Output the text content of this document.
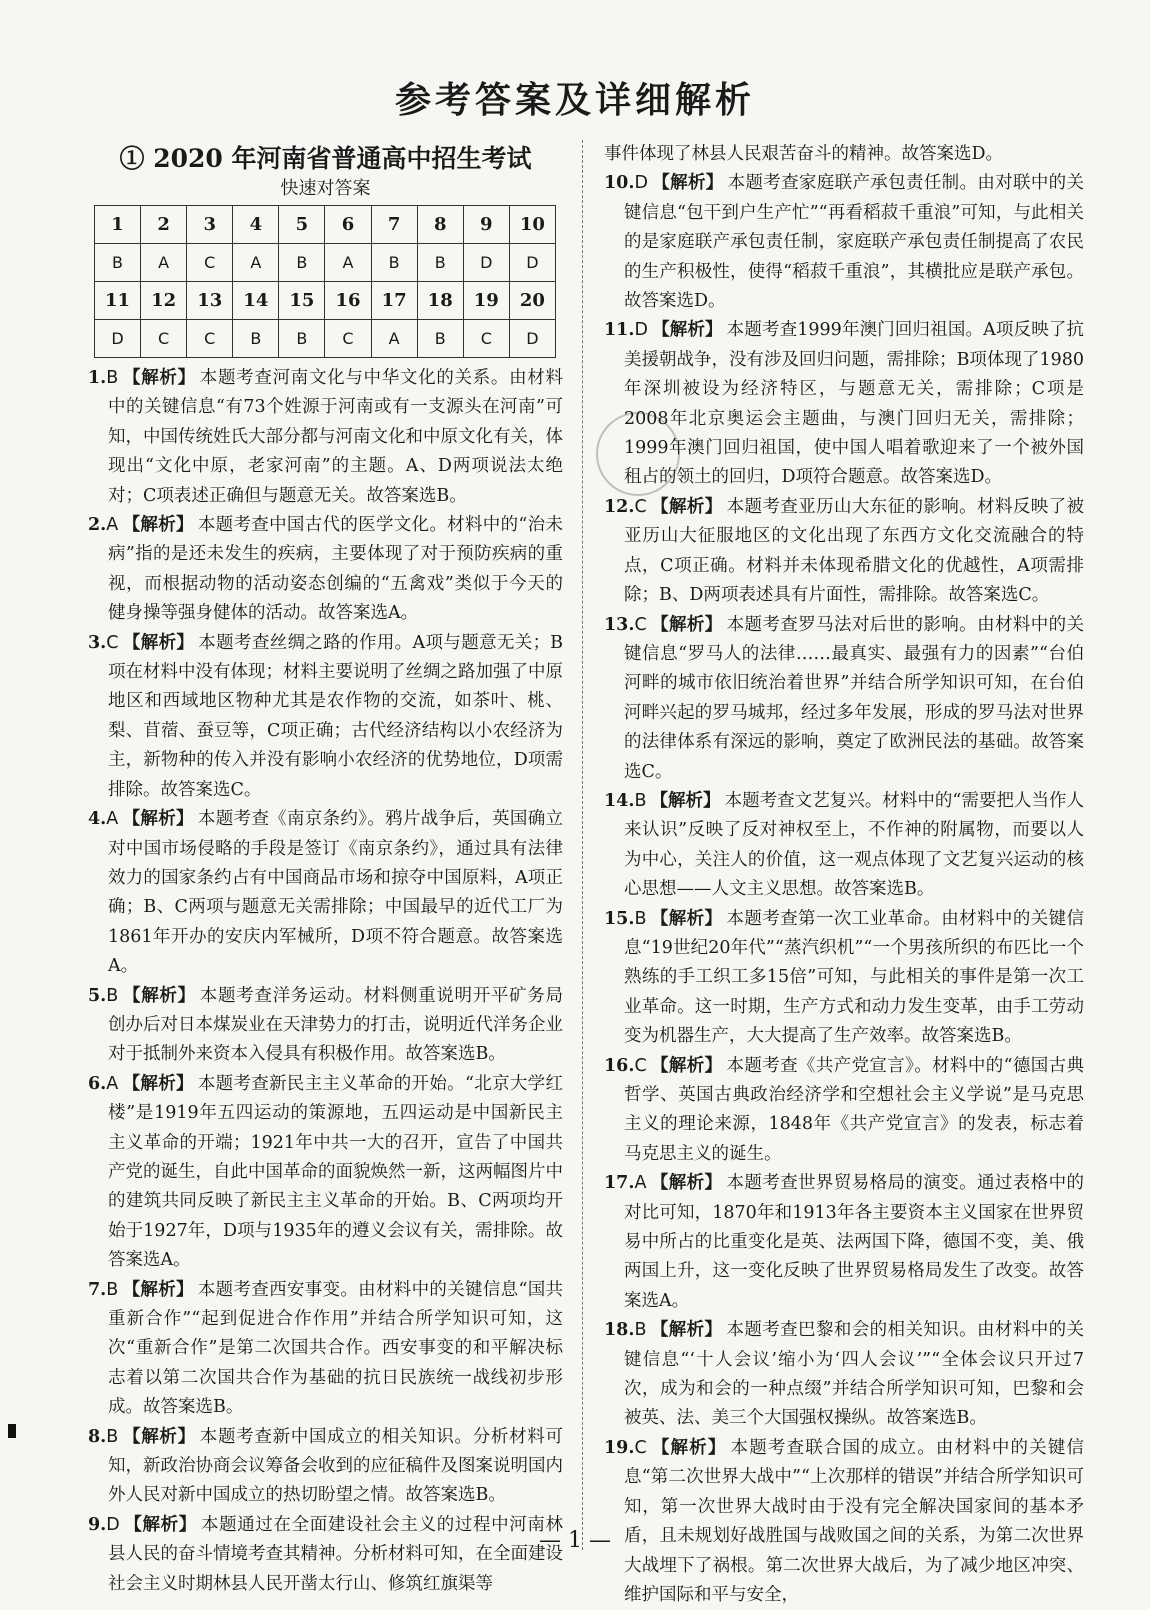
参考答案及详细解析
① 2020 年河南省普通高中招生考试
快速对答案
1	2	3	4	5	6	7	8	9	10
B	A	C	A	B	A	B	B	D	D
11	12	13	14	15	16	17	18	19	20
D	C	C	B	B	C	A	B	C	D
1.B 【解析】 本题考查河南文化与中华文化的关系。由材料中的关键信息“有73个姓源于河南或有一支源头在河南”可知，中国传统姓氏大部分都与河南文化和中原文化有关，体现出“文化中原，老家河南”的主题。A、D两项说法太绝对；C项表述正确但与题意无关。故答案选B。
2.A 【解析】 本题考查中国古代的医学文化。材料中的“治未病”指的是还未发生的疾病，主要体现了对于预防疾病的重视，而根据动物的活动姿态创编的“五禽戏”类似于今天的健身操等强身健体的活动。故答案选A。
3.C 【解析】 本题考查丝绸之路的作用。A项与题意无关；B项在材料中没有体现；材料主要说明了丝绸之路加强了中原地区和西域地区物种尤其是农作物的交流，如茶叶、桃、梨、苜蓿、蚕豆等，C项正确；古代经济结构以小农经济为主，新物种的传入并没有影响小农经济的优势地位，D项需排除。故答案选C。
4.A 【解析】 本题考查《南京条约》。鸦片战争后，英国确立对中国市场侵略的手段是签订《南京条约》，通过具有法律效力的国家条约占有中国商品市场和掠夺中国原料，A项正确；B、C两项与题意无关需排除；中国最早的近代工厂为1861年开办的安庆内军械所，D项不符合题意。故答案选A。
5.B 【解析】 本题考查洋务运动。材料侧重说明开平矿务局创办后对日本煤炭业在天津势力的打击，说明近代洋务企业对于抵制外来资本入侵具有积极作用。故答案选B。
6.A 【解析】 本题考查新民主主义革命的开始。“北京大学红楼”是1919年五四运动的策源地，五四运动是中国新民主主义革命的开端；1921年中共一大的召开，宣告了中国共产党的诞生，自此中国革命的面貌焕然一新，这两幅图片中的建筑共同反映了新民主主义革命的开始。B、C两项均开始于1927年，D项与1935年的遵义会议有关，需排除。故答案选A。
7.B 【解析】 本题考查西安事变。由材料中的关键信息“国共重新合作”“起到促进合作作用”并结合所学知识可知，这次“重新合作”是第二次国共合作。西安事变的和平解决标志着以第二次国共合作为基础的抗日民族统一战线初步形成。故答案选B。
8.B 【解析】 本题考查新中国成立的相关知识。分析材料可知，新政治协商会议筹备会收到的应征稿件及图案说明国内外人民对新中国成立的热切盼望之情。故答案选B。
9.D 【解析】 本题通过在全面建设社会主义的过程中河南林县人民的奋斗情境考查其精神。分析材料可知，在全面建设社会主义时期林县人民开凿太行山、修筑红旗渠等
事件体现了林县人民艰苦奋斗的精神。故答案选D。
10.D 【解析】 本题考查家庭联产承包责任制。由对联中的关键信息“包干到户生产忙”“再看稻菽千重浪”可知，与此相关的是家庭联产承包责任制，家庭联产承包责任制提高了农民的生产积极性，使得“稻菽千重浪”，其横批应是联产承包。故答案选D。
11.D 【解析】 本题考查1999年澳门回归祖国。A项反映了抗美援朝战争，没有涉及回归问题，需排除；B项体现了1980年深圳被设为经济特区，与题意无关，需排除；C项是2008年北京奥运会主题曲，与澳门回归无关，需排除；1999年澳门回归祖国，使中国人唱着歌迎来了一个被外国租占的领土的回归，D项符合题意。故答案选D。
12.C 【解析】 本题考查亚历山大东征的影响。材料反映了被亚历山大征服地区的文化出现了东西方文化交流融合的特点，C项正确。材料并未体现希腊文化的优越性，A项需排除；B、D两项表述具有片面性，需排除。故答案选C。
13.C 【解析】 本题考查罗马法对后世的影响。由材料中的关键信息“罗马人的法律……最真实、最强有力的因素”“台伯河畔的城市依旧统治着世界”并结合所学知识可知，在台伯河畔兴起的罗马城邦，经过多年发展，形成的罗马法对世界的法律体系有深远的影响，奠定了欧洲民法的基础。故答案选C。
14.B 【解析】 本题考查文艺复兴。材料中的“需要把人当作人来认识”反映了反对神权至上，不作神的附属物，而要以人为中心，关注人的价值，这一观点体现了文艺复兴运动的核心思想——人文主义思想。故答案选B。
15.B 【解析】 本题考查第一次工业革命。由材料中的关键信息“19世纪20年代”“蒸汽织机”“一个男孩所织的布匹比一个熟练的手工织工多15倍”可知，与此相关的事件是第一次工业革命。这一时期，生产方式和动力发生变革，由手工劳动变为机器生产，大大提高了生产效率。故答案选B。
16.C 【解析】 本题考查《共产党宣言》。材料中的“德国古典哲学、英国古典政治经济学和空想社会主义学说”是马克思主义的理论来源，1848年《共产党宣言》的发表，标志着马克思主义的诞生。
17.A 【解析】 本题考查世界贸易格局的演变。通过表格中的对比可知，1870年和1913年各主要资本主义国家在世界贸易中所占的比重变化是英、法两国下降，德国不变，美、俄两国上升，这一变化反映了世界贸易格局发生了改变。故答案选A。
18.B 【解析】 本题考查巴黎和会的相关知识。由材料中的关键信息“‘十人会议’缩小为‘四人会议’”“全体会议只开过7次，成为和会的一种点缀”并结合所学知识可知，巴黎和会被英、法、美三个大国强权操纵。故答案选B。
19.C 【解析】 本题考查联合国的成立。由材料中的关键信息“第二次世界大战中”“上次那样的错误”并结合所学知识可知，第一次世界大战时由于没有完全解决国家间的基本矛盾，且未规划好战胜国与战败国之间的关系，为第二次世界大战埋下了祸根。第二次世界大战后，为了减少地区冲突、维护国际和平与安全，
— 1 —
